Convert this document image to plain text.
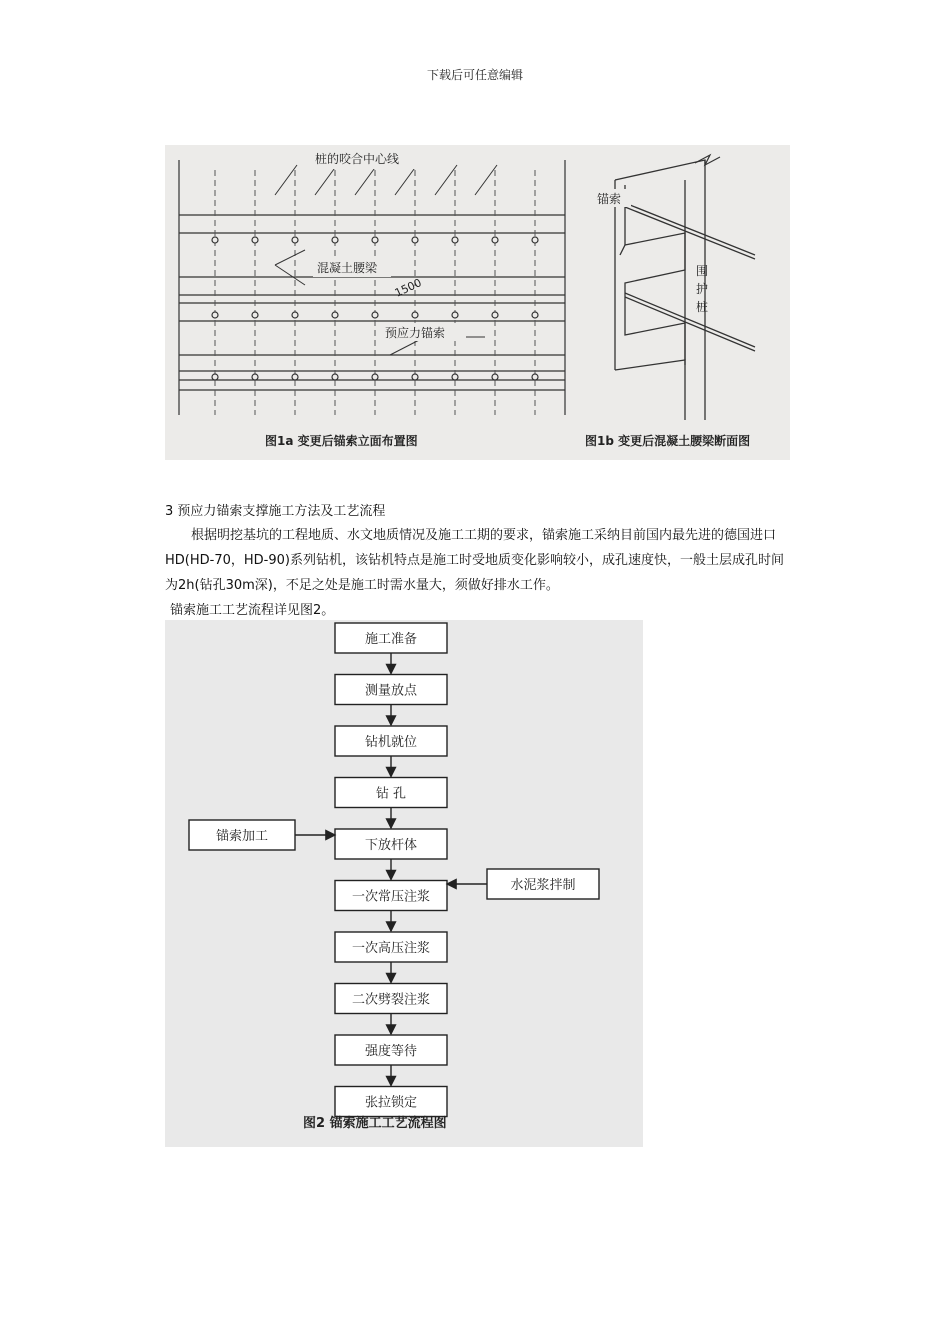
下载后可任意编辑
桩的咬合中心线
混凝土腰梁
1500
预应力锚索
图1a 变更后锚索立面布置图
锚索
围
护
桩
图1b 变更后混凝土腰梁断面图
3 预应力锚索支撑施工方法及工艺流程
根据明挖基坑的工程地质、水文地质情况及施工工期的要求，锚索施工采纳目前国内最先进的德国进口HD(HD-70，HD-90)系列钻机，该钻机特点是施工时受地质变化影响较小，成孔速度快，一般土层成孔时间为2h(钻孔30m深)，不足之处是施工时需水量大，须做好排水工作。
锚索施工工艺流程详见图2。
施工准备
测量放点
钻机就位
钻 孔
下放杆体
一次常压注浆
一次高压注浆
二次劈裂注浆
强度等待
张拉锁定
锚索加工
水泥浆拌制
图2 锚索施工工艺流程图
